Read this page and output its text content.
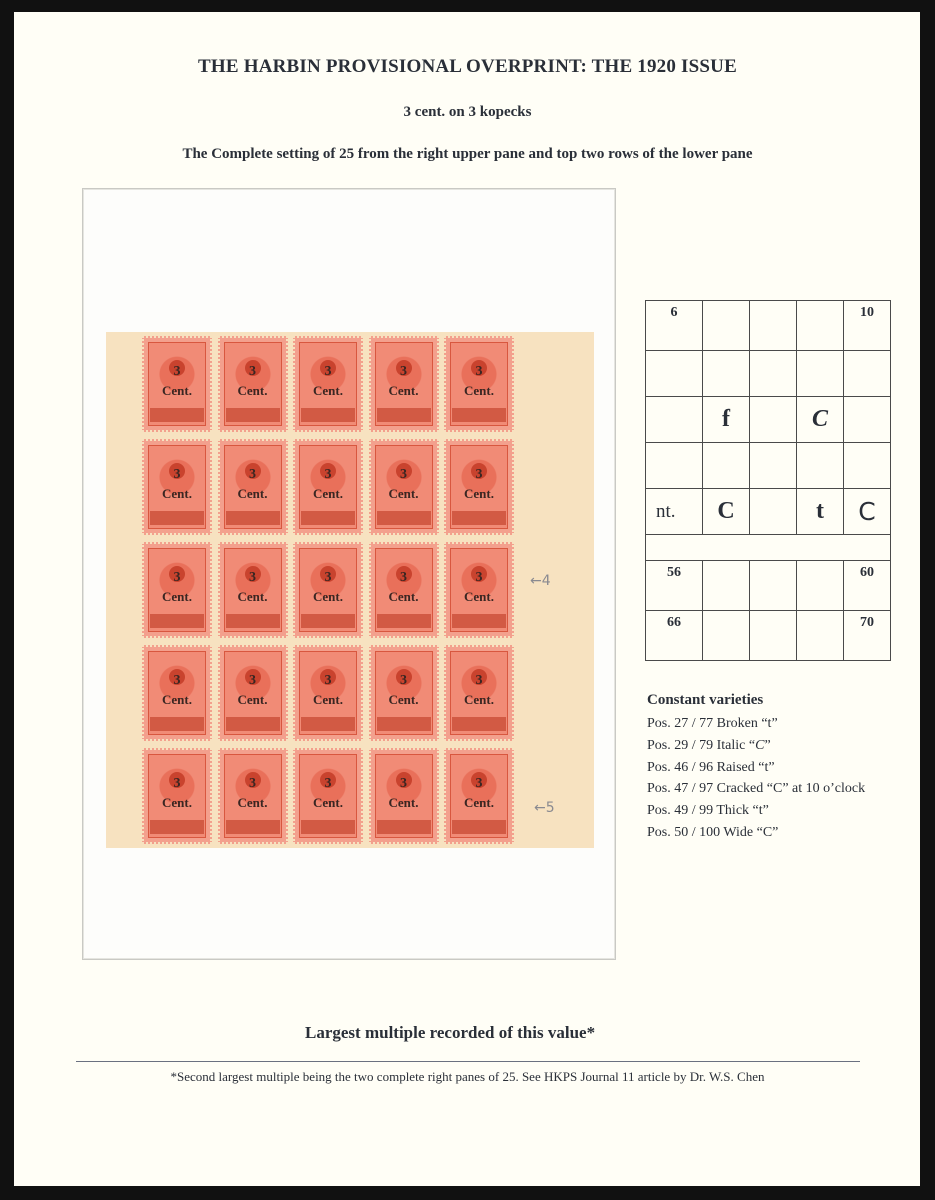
THE HARBIN PROVISIONAL OVERPRINT: THE 1920 ISSUE
3 cent. on 3 kopecks
The Complete setting of 25 from the right upper pane and top two rows of the lower pane
3
Cent.
3
Cent.
3
Cent.
3
Cent.
3
Cent.
3
Cent.
3
Cent.
3
Cent.
3
Cent.
3
Cent.
3
Cent.
3
Cent.
3
Cent.
3
Cent.
3
Cent.
3
Cent.
3
Cent.
3
Cent.
3
Cent.
3
Cent.
3
Cent.
3
Cent.
3
Cent.
3
Cent.
3
Cent.
←4
←5
6				10

	f		C	

nt.	C		t	C

56				60
66				70
Constant varieties
Pos. 27 / 77 Broken “t”
Pos. 29 / 79 Italic “C”
Pos. 46 / 96 Raised “t”
Pos. 47 / 97 Cracked “C” at 10 o’clock
Pos. 49 / 99 Thick “t”
Pos. 50 / 100 Wide “C”
Largest multiple recorded of this value*
*Second largest multiple being the two complete right panes of 25. See HKPS Journal 11 article by Dr. W.S. Chen
